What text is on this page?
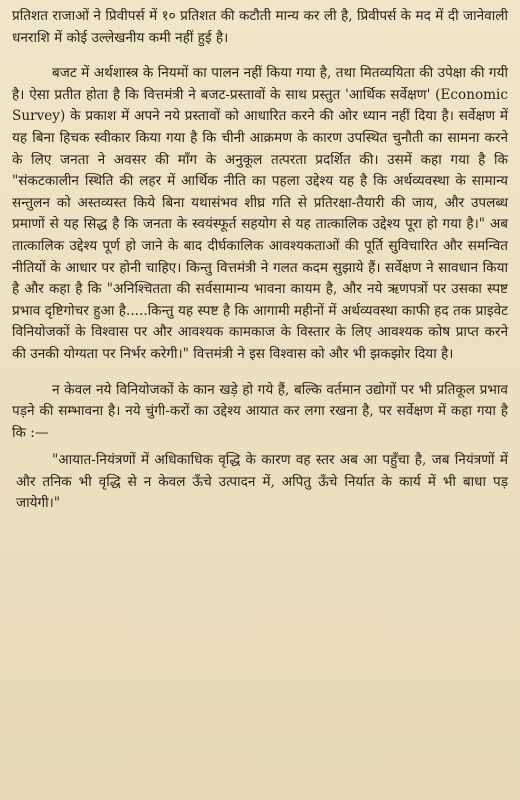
प्रतिशत राजाओं ने प्रिवीपर्स में १० प्रतिशत की कटौती मान्य कर ली है, प्रिवीपर्स के मद में दी जानेवाली धनराशि में कोई उल्लेखनीय कमी नहीं हुई है।

बजट में अर्थशास्त्र के नियमों का पालन नहीं किया गया है, तथा मितव्ययिता की उपेक्षा की गयी है। ऐसा प्रतीत होता है कि वित्तमंत्री ने बजट-प्रस्तावों के साथ प्रस्तुत 'आर्थिक सर्वेक्षण' (Economic Survey) के प्रकाश में अपने नये प्रस्तावों को आधारित करने की ओर ध्यान नहीं दिया है। सर्वेक्षण में यह बिना हिचक स्वीकार किया गया है कि चीनी आक्रमण के कारण उपस्थित चुनौती का सामना करने के लिए जनता ने अवसर की माँग के अनुकूल तत्परता प्रदर्शित की। उसमें कहा गया है कि "संकटकालीन स्थिति की लहर में आर्थिक नीति का पहला उद्देश्य यह है कि अर्थव्यवस्था के सामान्य सन्तुलन को अस्तव्यस्त किये बिना यथासंभव शीघ्र गति से प्रतिरक्षा-तैयारी की जाय, और उपलब्ध प्रमाणों से यह सिद्ध है कि जनता के स्वयंस्फूर्त सहयोग से यह तात्कालिक उद्देश्य पूरा हो गया है।" अब तात्कालिक उद्देश्य पूर्ण हो जाने के बाद दीर्घकालिक आवश्यकताओं की पूर्ति सुविचारित और समन्वित नीतियों के आधार पर होनी चाहिए। किन्तु वित्तमंत्री ने गलत कदम सुझाये हैं। सर्वेक्षण ने सावधान किया है और कहा है कि "अनिश्चितता की सर्वसामान्य भावना कायम है, और नये ऋणपत्रों पर उसका स्पष्ट प्रभाव दृष्टिगोचर हुआ है.....किन्तु यह स्पष्ट है कि आगामी महीनों में अर्थव्यवस्था काफी हद तक प्राइवेट विनियोजकों के विश्वास पर और आवश्यक कामकाज के विस्तार के लिए आवश्यक कोष प्राप्त करने की उनकी योग्यता पर निर्भर करेगी।" वित्तमंत्री ने इस विश्वास को और भी झकझोर दिया है।

न केवल नये विनियोजकों के कान खड़े हो गये हैं, बल्कि वर्तमान उद्योगों पर भी प्रतिकूल प्रभाव पड़ने की सम्भावना है। नये चुंगी-करों का उद्देश्य आयात कर लगा रखना है, पर सर्वेक्षण में कहा गया है कि :—

"आयात-नियंत्रणों में अधिकाधिक वृद्धि के कारण वह स्तर अब आ पहुँचा है, जब नियंत्रणों में और तनिक भी वृद्धि से न केवल ऊँचे उत्पादन में, अपितु ऊँचे निर्यात के कार्य में भी बाधा पड़ जायेगी।"
